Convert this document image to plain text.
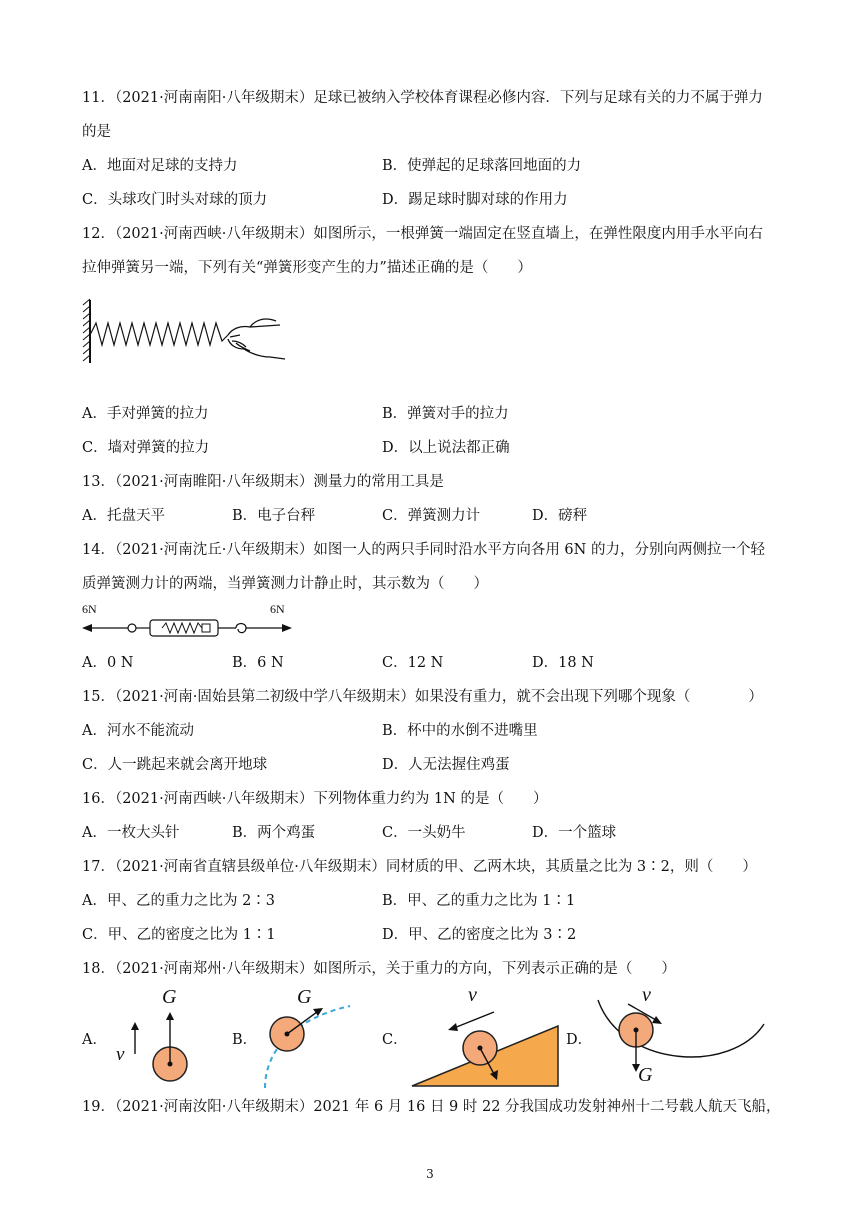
11．（2021·河南南阳·八年级期末）足球已被纳入学校体育课程必修内容．下列与足球有关的力不属于弹力
的是
A．地面对足球的支持力	B．使弹起的足球落回地面的力
C．头球攻门时头对球的顶力	D．踢足球时脚对球的作用力
12．（2021·河南西峡·八年级期末）如图所示，一根弹簧一端固定在竖直墙上，在弹性限度内用手水平向右
拉伸弹簧另一端，下列有关“弹簧形变产生的力”描述正确的是（　　）
A．手对弹簧的拉力	B．弹簧对手的拉力
C．墙对弹簧的拉力	D．以上说法都正确
13．（2021·河南睢阳·八年级期末）测量力的常用工具是
A．托盘天平	B．电子台秤	C．弹簧测力计	D．磅秤
14．（2021·河南沈丘·八年级期末）如图一人的两只手同时沿水平方向各用 6N 的力，分别向两侧拉一个轻
质弹簧测力计的两端，当弹簧测力计静止时，其示数为（　　）
6N	6N
A．0 N	B．6 N	C．12 N	D．18 N
15．（2021·河南·固始县第二初级中学八年级期末）如果没有重力，就不会出现下列哪个现象（　　　　）
A．河水不能流动	B．杯中的水倒不进嘴里
C．人一跳起来就会离开地球	D．人无法握住鸡蛋
16．（2021·河南西峡·八年级期末）下列物体重力约为 1N 的是（　　）
A．一枚大头针	B．两个鸡蛋	C．一头奶牛	D．一个篮球
17．（2021·河南省直辖县级单位·八年级期末）同材质的甲、乙两木块，其质量之比为 3∶2，则（　　）
A．甲、乙的重力之比为 2∶3	B．甲、乙的重力之比为 1∶1
C．甲、乙的密度之比为 1∶1	D．甲、乙的密度之比为 3∶2
18．（2021·河南郑州·八年级期末）如图所示，关于重力的方向，下列表示正确的是（　　）
A．
G
v
B．
G
C．
v
D．
v
G
19．（2021·河南汝阳·八年级期末）2021 年 6 月 16 日 9 时 22 分我国成功发射神州十二号载人航天飞船，
3
